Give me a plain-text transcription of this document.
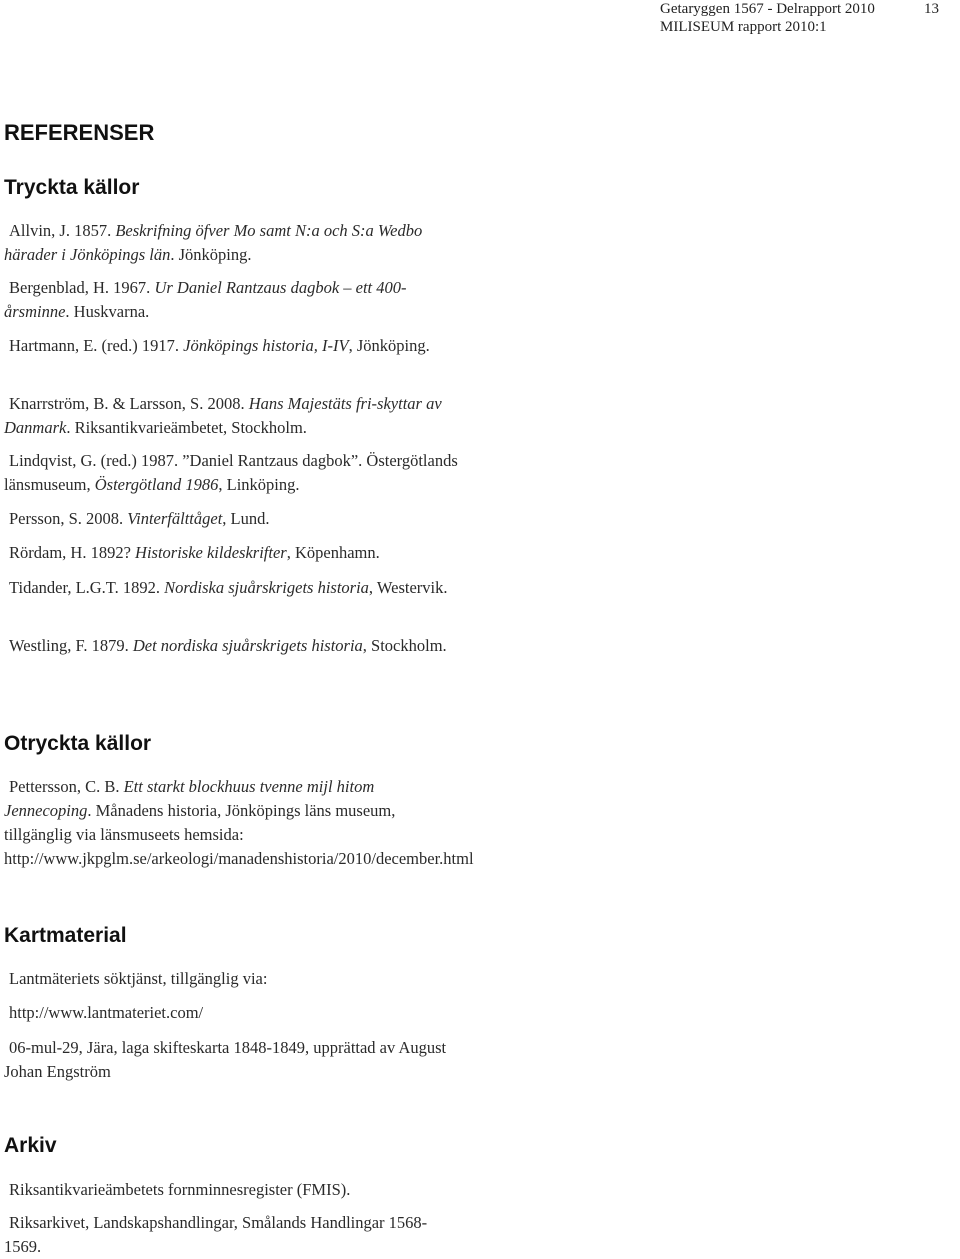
Getaryggen 1567 - Delrapport 2010
MILISEUM rapport 2010:1
13
REFERENSER
Tryckta källor

Allvin, J. 1857. Beskrifning öfver Mo samt N:a och S:a Wedbo härader i Jönköpings län. Jönköping.

Bergenblad, H. 1967. Ur Daniel Rantzaus dagbok – ett 400-årsminne. Huskvarna.

Hartmann, E. (red.) 1917. Jönköpings historia, I-IV, Jönköping.

Knarrström, B. & Larsson, S. 2008. Hans Majestäts fri-skyttar av Danmark. Riksantikvarieämbetet, Stockholm.

Lindqvist, G. (red.) 1987. ”Daniel Rantzaus dagbok”. Östergötlands länsmuseum, Östergötland 1986, Linköping.

Persson, S. 2008. Vinterfälttåget, Lund.

Rördam, H. 1892? Historiske kildeskrifter, Köpenhamn.

Tidander, L.G.T. 1892. Nordiska sjuårskrigets historia, Westervik.

Westling, F. 1879. Det nordiska sjuårskrigets historia, Stockholm.

Otryckta källor

Pettersson, C. B. Ett starkt blockhuus tvenne mijl hitom Jennecoping. Månadens historia, Jönköpings läns museum, tillgänglig via länsmuseets hemsida: http://www.jkpglm.se/arkeologi/manadenshistoria/2010/december.html

Kartmaterial

Lantmäteriets söktjänst, tillgänglig via:

http://www.lantmateriet.com/

06-mul-29, Jära, laga skifteskarta 1848-1849, upprättad av August Johan Engström

Arkiv

Riksantikvarieämbetets fornminnesregister (FMIS).

Riksarkivet, Landskapshandlingar, Smålands Handlingar 1568-1569.
